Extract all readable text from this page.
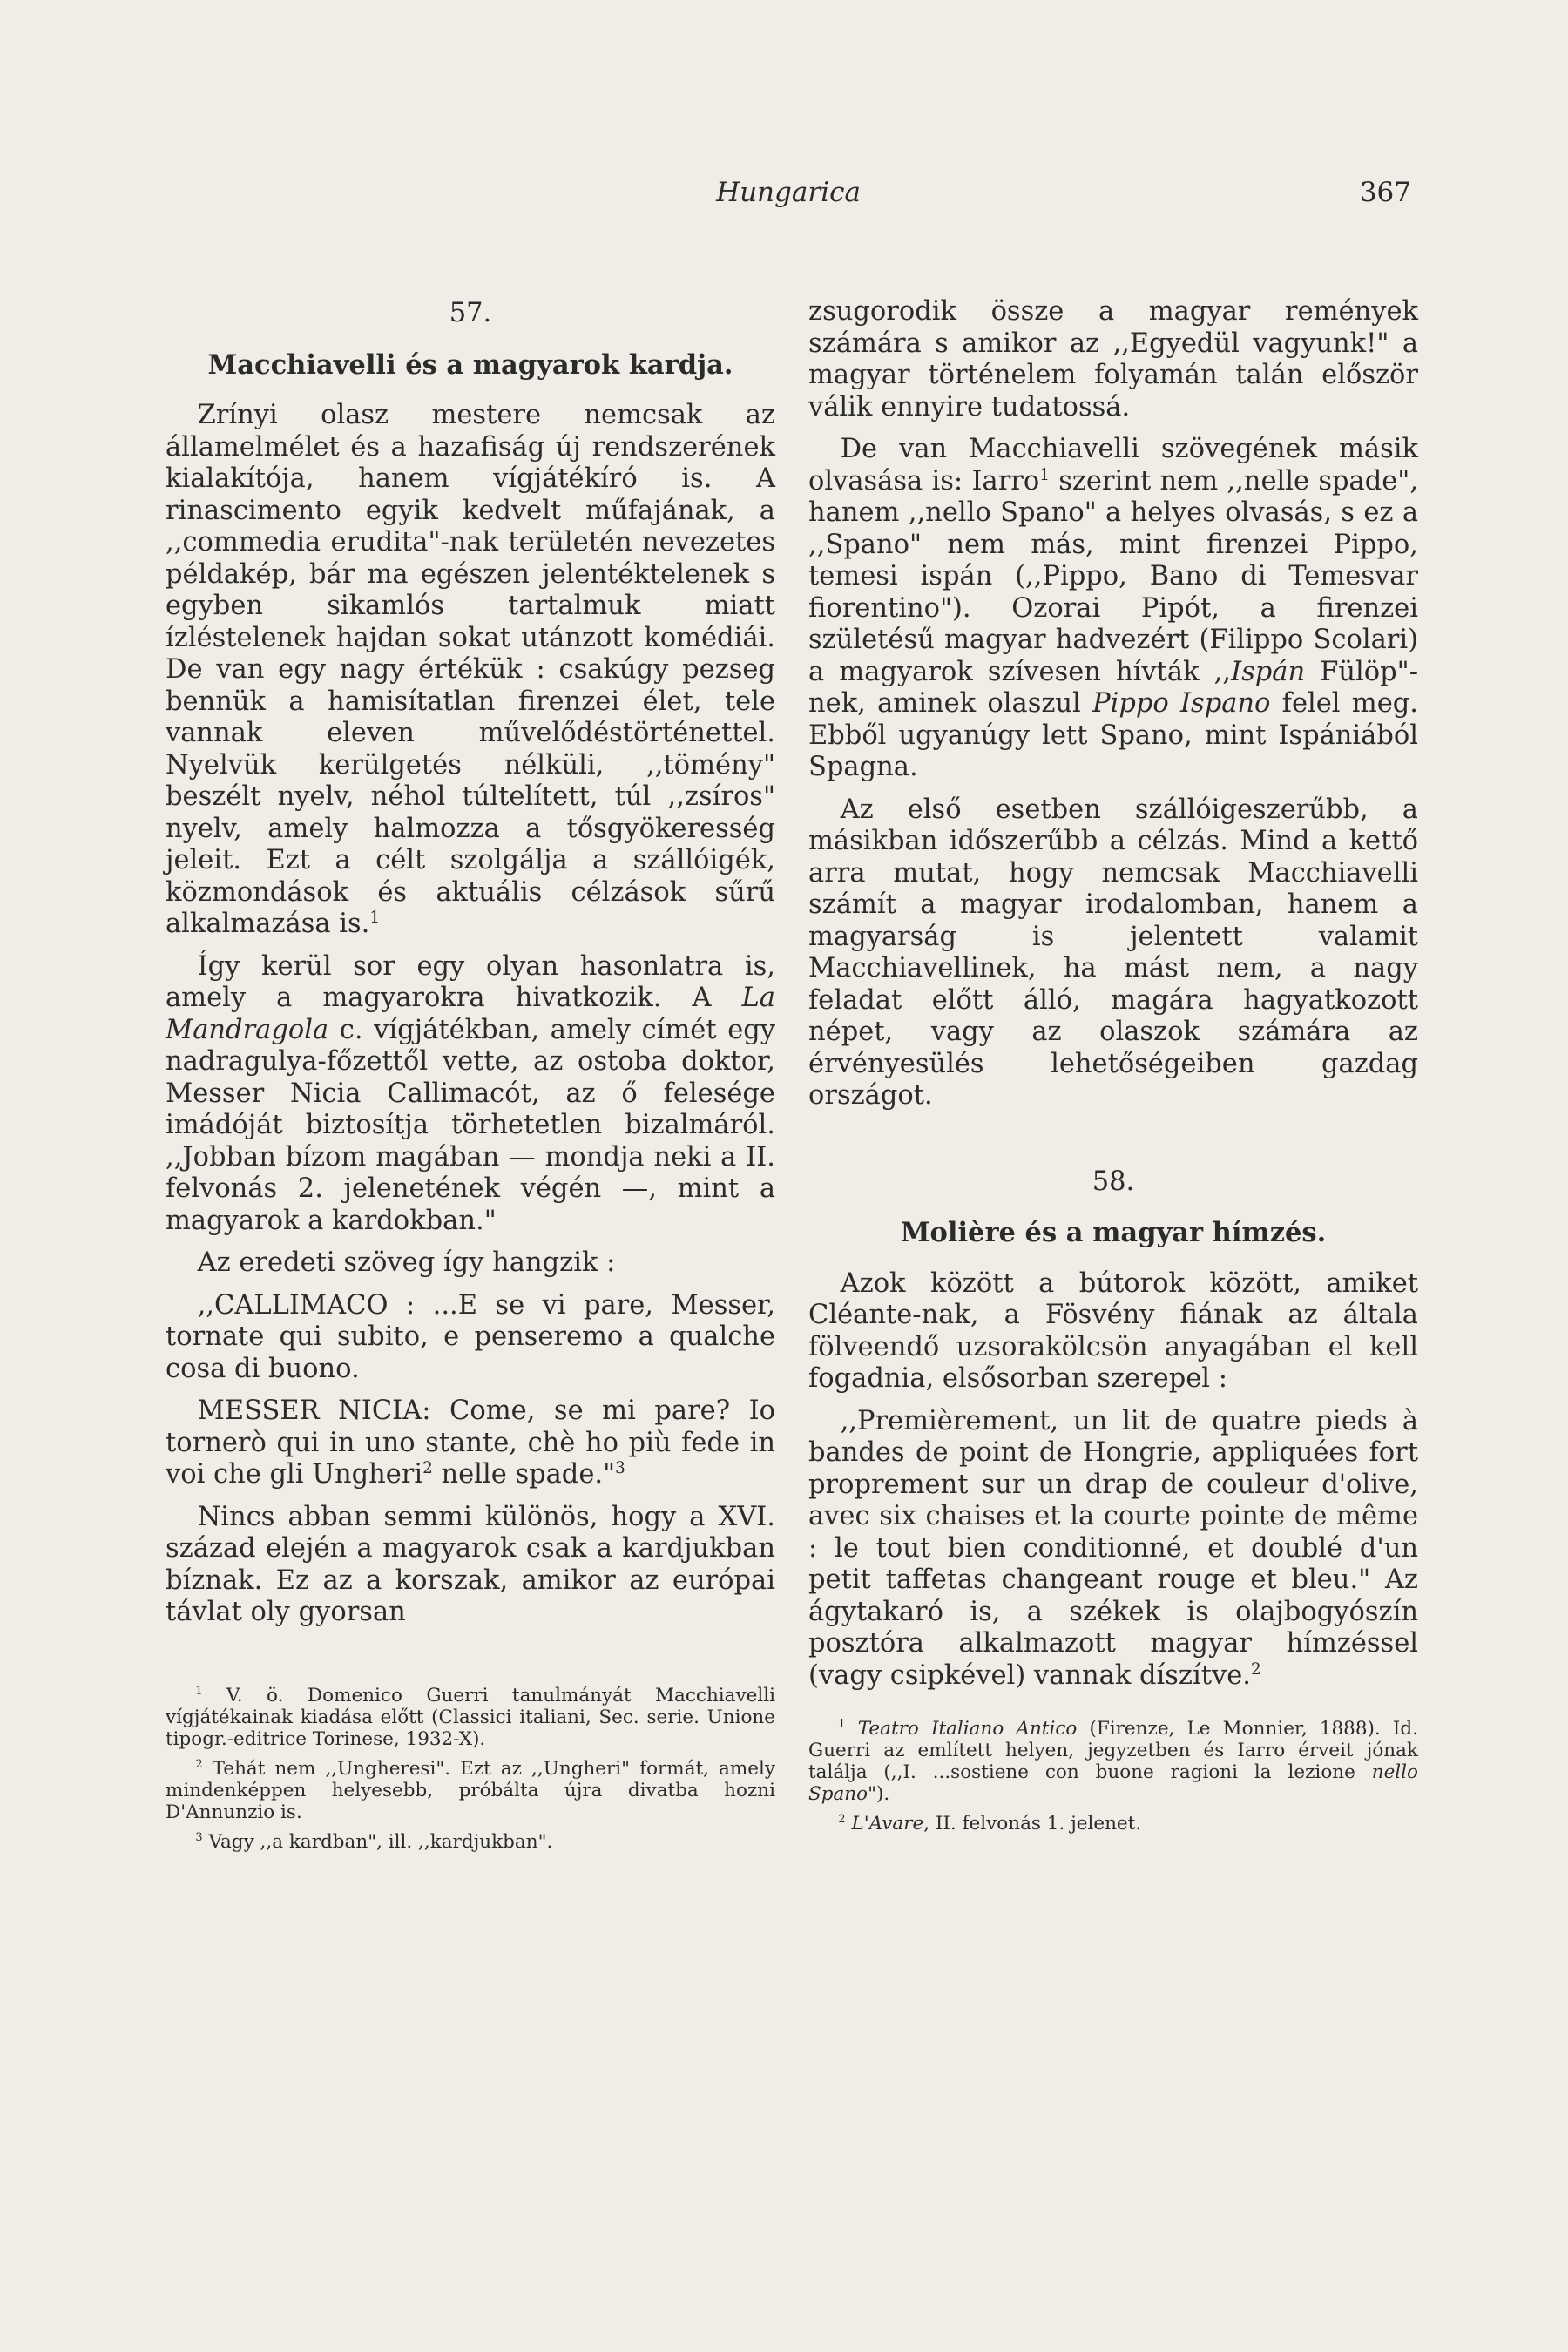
Hungarica	367
57.
Macchiavelli és a magyarok kardja.

Zrínyi olasz mestere nemcsak az államelmélet és a hazafiság új rendszerének kialakítója, hanem vígjátékíró is. A rinascimento egyik kedvelt műfajának, a ,,commedia erudita"-nak területén nevezetes példakép, bár ma egészen jelentéktelenek s egyben sikamlós tartalmuk miatt ízléstelenek hajdan sokat utánzott komédiái. De van egy nagy értékük : csakúgy pezseg bennük a hamisítatlan firenzei élet, tele vannak eleven művelődéstörténettel. Nyelvük kerülgetés nélküli, ,,tömény" beszélt nyelv, néhol túltelített, túl ,,zsíros" nyelv, amely halmozza a tősgyökeresség jeleit. Ezt a célt szolgálja a szállóigék, közmondások és aktuális célzások sűrű alkalmazása is.$^1$

Így kerül sor egy olyan hasonlatra is, amely a magyarokra hivatkozik. A La Mandragola c. vígjátékban, amely címét egy nadragulya-főzettől vette, az ostoba doktor, Messer Nicia Callimacót, az ő felesége imádóját biztosítja törhetetlen bizalmáról. ,,Jobban bízom magában — mondja neki a II. felvonás 2. jelenetének végén —, mint a magyarok a kardokban."

Az eredeti szöveg így hangzik :

,,CALLIMACO : ...E se vi pare, Messer, tornate qui subito, e penseremo a qualche cosa di buono.

MESSER NICIA: Come, se mi pare? Io tornerò qui in uno stante, chè ho più fede in voi che gli Ungheri$^2$ nelle spade."$^3$

Nincs abban semmi különös, hogy a XVI. század elején a magyarok csak a kardjukban bíznak. Ez az a korszak, amikor az európai távlat oly gyorsan

$^1$ V. ö. Domenico Guerri tanulmányát Macchiavelli vígjátékainak kiadása előtt (Classici italiani, Sec. serie. Unione tipogr.-editrice Torinese, 1932-X).

$^2$ Tehát nem ,,Ungheresi". Ezt az ,,Ungheri" formát, amely mindenképpen helyesebb, próbálta újra divatba hozni D'Annunzio is.

$^3$ Vagy ,,a kardban", ill. ,,kardjukban".

zsugorodik össze a magyar remények számára s amikor az ,,Egyedül vagyunk!" a magyar történelem folyamán talán először válik ennyire tudatossá.

De van Macchiavelli szövegének másik olvasása is: Iarro$^1$ szerint nem ,,nelle spade", hanem ,,nello Spano" a helyes olvasás, s ez a ,,Spano" nem más, mint firenzei Pippo, temesi ispán (,,Pippo, Bano di Temesvar fiorentino"). Ozorai Pipót, a firenzei születésű magyar hadvezért (Filippo Scolari) a magyarok szívesen hívták ,,Ispán Fülöp"-nek, aminek olaszul Pippo Ispano felel meg. Ebből ugyanúgy lett Spano, mint Ispániából Spagna.

Az első esetben szállóigeszerűbb, a másikban időszerűbb a célzás. Mind a kettő arra mutat, hogy nemcsak Macchiavelli számít a magyar irodalomban, hanem a magyarság is jelentett valamit Macchiavellinek, ha mást nem, a nagy feladat előtt álló, magára hagyatkozott népet, vagy az olaszok számára az érvényesülés lehetőségeiben gazdag országot.

58.
Molière és a magyar hímzés.

Azok között a bútorok között, amiket Cléante-nak, a Fösvény fiának az általa fölveendő uzsorakölcsön anyagában el kell fogadnia, elsősorban szerepel :

,,Premièrement, un lit de quatre pieds à bandes de point de Hongrie, appliquées fort proprement sur un drap de couleur d'olive, avec six chaises et la courte pointe de même : le tout bien conditionné, et doublé d'un petit taffetas changeant rouge et bleu." Az ágytakaró is, a székek is olajbogyószín posztóra alkalmazott magyar hímzéssel (vagy csipkével) vannak díszítve.$^2$

$^1$ Teatro Italiano Antico (Firenze, Le Monnier, 1888). Id. Guerri az említett helyen, jegyzetben és Iarro érveit jónak találja (,,I. ...sostiene con buone ragioni la lezione nello Spano").

$^2$ L'Avare, II. felvonás 1. jelenet.
